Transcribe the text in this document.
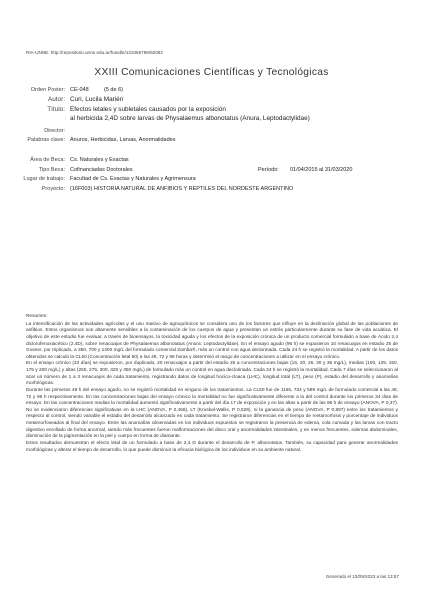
RIA-UNNE: http://repositorio.unne.edu.ar/handle/123456789/50062
XXIII Comunicaciones Científicas y Tecnológicas
Orden Poster: CE-048	(5 de 6)
Autor: Curi, Lucila Marién
Título: Efectos letales y subletales causados por la exposición
al herbicida 2,4D sobre larvas de Physalaemus albonotatus (Anura, Leptodactylidae)
Director:
Palabras clave: Anuros, Herbicidas, Larvas, Anormalidades
Área de Beca: Cs. Naturales y Exactas
Tipo Beca: Cofinanciadas Doctorales	Período: 01/04/2015 al 31/03/2020
Lugar de trabajo: Facultad de Cs. Exactas y Naturales y Agrimensura
Proyecto: (16F003) HISTORIA NATURAL DE ANFIBIOS Y REPTILES DEL NORDESTE ARGENTINO

Resumen:

La intensificación de las actividades agrícolas y el uso masivo de agroquímicos se considera uno de los factores que influye en la declinación global de las poblaciones de anfibios. Estos organismos son altamente sensibles a la contaminación de los cuerpos de agua y presentan un estrés particularmente durante su fase de vida acuática. El objetivo de este estudio fue evaluar, a través de bioensayos, la toxicidad aguda y los efectos de la exposición crónica de un producto comercial formulado a base de Ácido 2,4 diclorofenoxiacético (2,4D), sobre renacuajos de Physalaemus albonotatus (Anura: Leptodactylidae). En el ensayo agudo (96 h) se expusieron 10 renacuajos en estadio 25 de Gosner, por triplicado, a 350, 700 y 1400 mg/L del formulado comercial Zamba®, más un control con agua declorinada. Cada 24 h se registró la mortalidad. A partir de los datos obtenidos se calculó la CL50 (Concentración letal 50) a las 48, 72 y 96 horas y determinó el rango de concentraciones a utilizar en el ensayo crónico.

En el ensayo crónico (33 días) se expusieron, por duplicado, 20 renacuajos a partir del estadio 25 a concentraciones bajas (15, 20, 25, 30 y 35 mg/L), medias (100, 125, 150, 175 y 200 mg/L) y altas (250, 275, 300, 325 y 350 mg/L) de formulado más un control en agua declorinada. Cada 24 h se registró la mortalidad. Cada 7 días se seleccionaron al azar un número de 1 a 3 renacuajos de cada tratamiento, registrando datos de longitud hocico-cloaca (LHC), longitud total (LT), peso (P), estadio del desarrollo y anomalías morfológicas.

Durante las primeras 48 h del ensayo agudo, no se registró mortalidad en ninguno de los tratamientos. La CL50 fue de 1165, 734 y 599 mg/L de formulado comercial a las 48, 72 y 96 h respectivamente. En las concentraciones bajas del ensayo crónico la mortalidad no fue significativamente diferente a la del control durante los primeros 34 días de ensayo. En las concentraciones medias la mortalidad aumentó significativamente a partir del día 17 de exposición y en las altas a partir de las 96 h de ensayo (ANOVA, P 0,37). No se evidenciaron diferencias significativas en la LHC (ANOVA, P 0,468), LT (Kruskal-Wallis, P 0,629), ni la ganancia de peso (ANOVA, P 0,897) entre los tratamientos y respecto al control, siendo variable el estadio del desarrollo alcanzado en cada tratamiento. Se registraron diferencias en el tiempo de metamorfosis y porcentaje de individuos metamorfoseados al final del ensayo. Entre las anomalías observadas en los individuos expuestos se registraron la presencia de edema, cola curvada y las larvas con tracto digestivo enrollado de forma anormal, siendo más frecuentes fueron malformaciones del disco oral y anormalidades intestinales, y en menos frecuentes, edemas abdominales, disminución de la pigmentación en la piel y cuerpo en forma de diamante.

Estos resultados demuestran el efecto letal de un formulado a base de 2,4 D durante el desarrollo de P. albonotatus. También, su capacidad para generar anormalidades morfológicas y alterar el tiempo de desarrollo, lo que puede disminuir la eficacia biológica de los individuos en su ambiente natural.

Generado el 13/09/2023 a las 13:57
